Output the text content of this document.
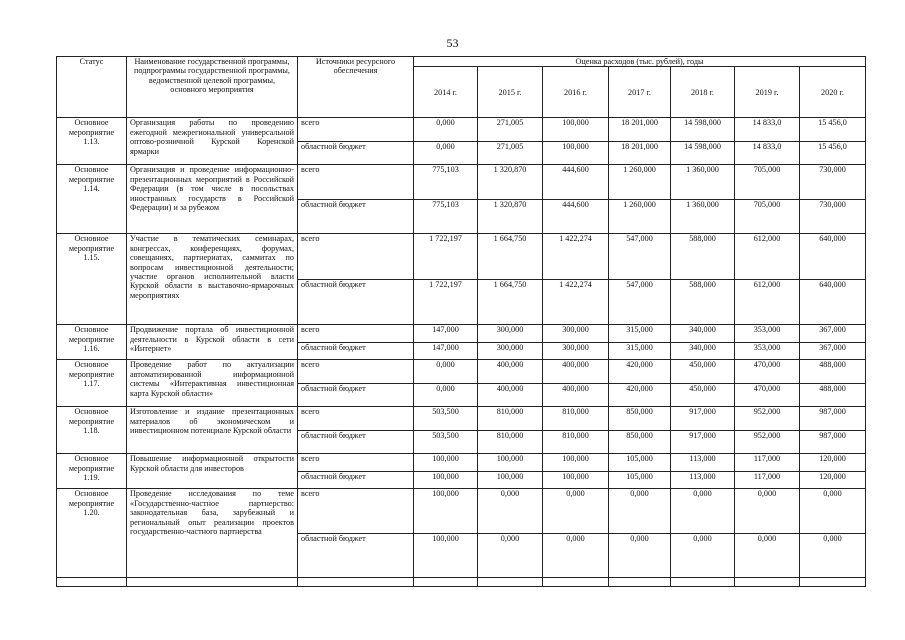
53
Статус	Наименование государственной программы, подпрограммы государственной программы, ведомственной целевой программы, основного мероприятия	Источники ресурсного обеспечения	Оценка расходов (тыс. рублей), годы						
			2014 г.	2015 г.	2016 г.	2017 г.	2018 г.	2019 г.	2020 г.
Основное мероприятие 1.13.	Организация работы по проведению ежегодной межрегиональной универсальной оптово-розничной Курской Коренской ярмарки	всего	0,000	271,005	100,000	18 201,000	14 598,000	14 833,0	15 456,0
		областной бюджет	0,000	271,005	100,000	18 201,000	14 598,000	14 833,0	15 456,0
Основное мероприятие 1.14.	Организация и проведение информационно-презентационных мероприятий в Российской Федерации (в том числе в посольствах иностранных государств в Российской Федерации) и за рубежом	всего	775,103	1 320,870	444,600	1 260,000	1 360,000	705,000	730,000
		областной бюджет	775,103	1 320,870	444,600	1 260,000	1 360,000	705,000	730,000
Основное мероприятие 1.15.	Участие в тематических семинарах, конгрессах, конференциях, форумах, совещаниях, партнериатах, саммитах по вопросам инвестиционной деятельности; участие органов исполнительной власти Курской области в выставочно-ярмарочных мероприятиях	всего	1 722,197	1 664,750	1 422,274	547,000	588,000	612,000	640,000
		областной бюджет	1 722,197	1 664,750	1 422,274	547,000	588,000	612,000	640,000
Основное мероприятие 1.16.	Продвижение портала об инвестиционной деятельности в Курской области в сети «Интернет»	всего	147,000	300,000	300,000	315,000	340,000	353,000	367,000
		областной бюджет	147,000	300,000	300,000	315,000	340,000	353,000	367,000
Основное мероприятие 1.17.	Проведение работ по актуализации автоматизированной информационной системы «Интерактивная инвестиционная карта Курской области»	всего	0,000	400,000	400,000	420,000	450,000	470,000	488,000
		областной бюджет	0,000	400,000	400,000	420,000	450,000	470,000	488,000
Основное мероприятие 1.18.	Изготовление и издание презентационных материалов об экономическом и инвестиционном потенциале Курской области	всего	503,500	810,000	810,000	850,000	917,000	952,000	987,000
		областной бюджет	503,500	810,000	810,000	850,000	917,000	952,000	987,000
Основное мероприятие 1.19.	Повышение информационной открытости Курской области для инвесторов	всего	100,000	100,000	100,000	105,000	113,000	117,000	120,000
		областной бюджет	100,000	100,000	100,000	105,000	113,000	117,000	120,000
Основное мероприятие 1.20.	Проведение исследования по теме «Государственно-частное партнерство: законодательная база, зарубежный и региональный опыт реализации проектов государственно-частного партнерства	всего	100,000	0,000	0,000	0,000	0,000	0,000	0,000
		областной бюджет	100,000	0,000	0,000	0,000	0,000	0,000	0,000
